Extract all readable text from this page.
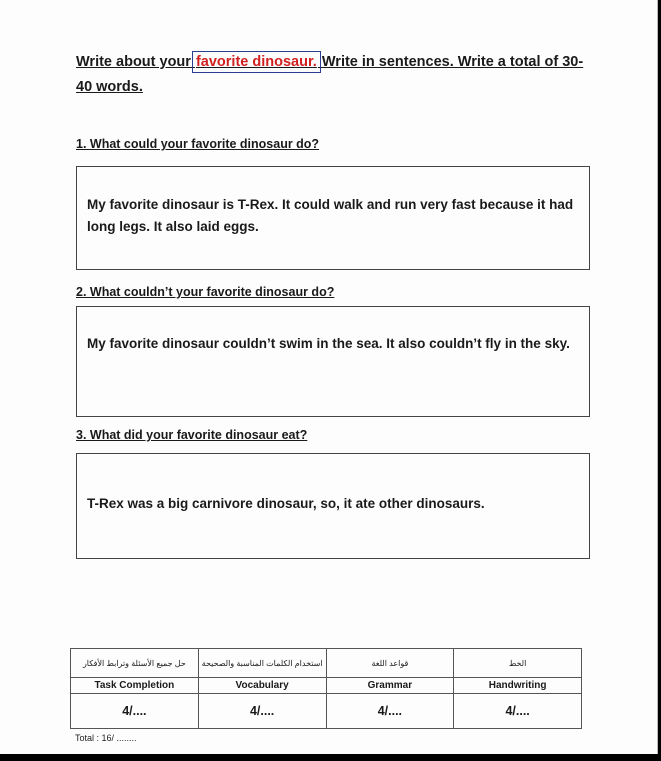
Write about your favorite dinosaur. Write in sentences. Write a total of 30-40 words.
1. What could your favorite dinosaur do?
My favorite dinosaur is T-Rex. It could walk and run very fast because it had long legs. It also laid eggs.
2. What couldn’t your favorite dinosaur do?
My favorite dinosaur couldn’t swim in the sea. It also couldn’t fly in the sky.
3. What did your favorite dinosaur eat?
T-Rex was a big carnivore dinosaur, so, it ate other dinosaurs.
حل جميع الأسئلة وترابط الأفكار	استخدام الكلمات المناسبة والصحيحة	قواعد اللغة	الخط
Task Completion	Vocabulary	Grammar	Handwriting
4/....	4/....	4/....	4/....
Total : 16/ ........
